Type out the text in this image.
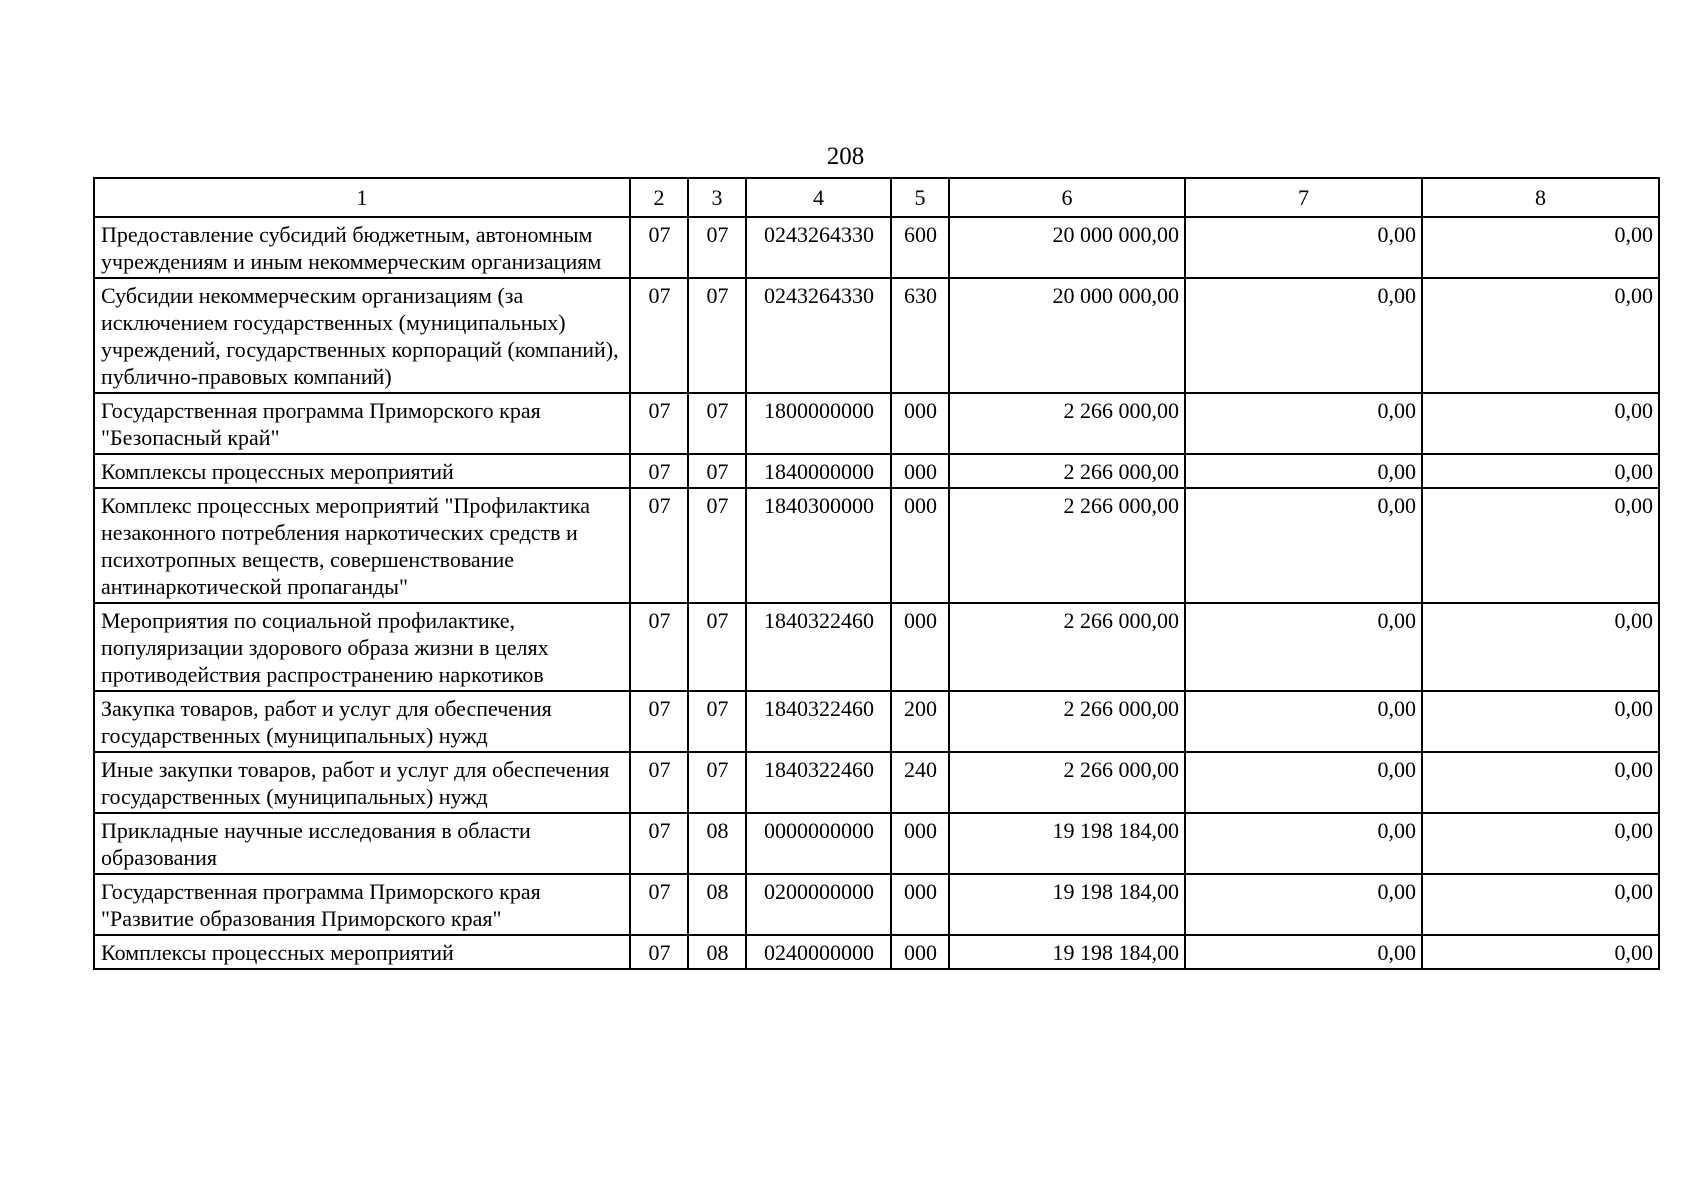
208
1	2	3	4	5	6	7	8
Предоставление субсидий бюджетным, автономным учреждениям и иным некоммерческим организациям	07	07	0243264330	600	20 000 000,00	0,00	0,00
Субсидии некоммерческим организациям (за исключением государственных (муниципальных) учреждений, государственных корпораций (компаний), публично-правовых компаний)	07	07	0243264330	630	20 000 000,00	0,00	0,00
Государственная программа Приморского края "Безопасный край"	07	07	1800000000	000	2 266 000,00	0,00	0,00
Комплексы процессных мероприятий	07	07	1840000000	000	2 266 000,00	0,00	0,00
Комплекс процессных мероприятий "Профилактика незаконного потребления наркотических средств и психотропных веществ, совершенствование антинаркотической пропаганды"	07	07	1840300000	000	2 266 000,00	0,00	0,00
Мероприятия по социальной профилактике, популяризации здорового образа жизни в целях противодействия распространению наркотиков	07	07	1840322460	000	2 266 000,00	0,00	0,00
Закупка товаров, работ и услуг для обеспечения государственных (муниципальных) нужд	07	07	1840322460	200	2 266 000,00	0,00	0,00
Иные закупки товаров, работ и услуг для обеспечения государственных (муниципальных) нужд	07	07	1840322460	240	2 266 000,00	0,00	0,00
Прикладные научные исследования в области образования	07	08	0000000000	000	19 198 184,00	0,00	0,00
Государственная программа Приморского края "Развитие образования Приморского края"	07	08	0200000000	000	19 198 184,00	0,00	0,00
Комплексы процессных мероприятий	07	08	0240000000	000	19 198 184,00	0,00	0,00
